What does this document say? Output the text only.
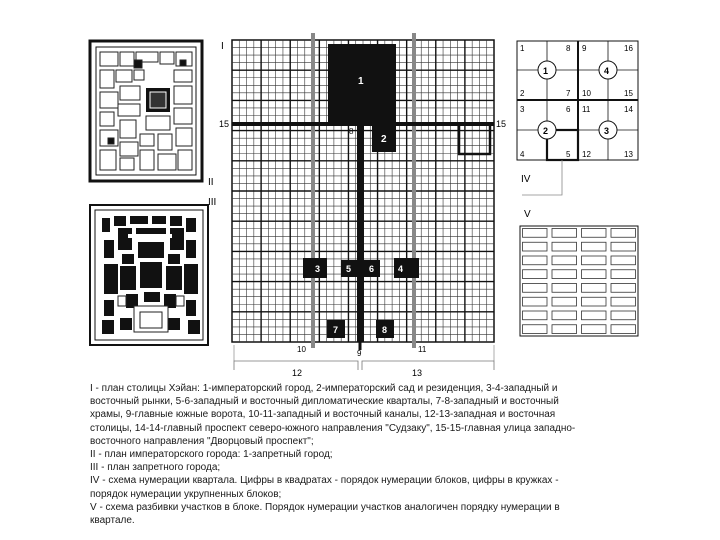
II
III
I
15	15
1
2
8
3	4
5 6
7	8
9
10	11
12	13
1	4
2	3
1	8
2	7
9	16
10	15
3	6
4	5
11	14
12	13
IV
V
I - план столицы Хэйан: 1-императорский город, 2-императорский сад и резиденция, 3-4-западный и
восточный рынки, 5-6-западный и восточный дипломатические кварталы, 7-8-западный и восточный
храмы, 9-главные южные ворота, 10-11-западный и восточный каналы, 12-13-западная и восточная
столицы, 14-14-главный проспект северо-южного направления "Судзаку", 15-15-главная улица западно-
восточного направления "Дворцовый проспект";
II - план императорского города: 1-запретный город;
III - план запретного города;
IV - схема нумерации квартала. Цифры в квадратах - порядок нумерации блоков, цифры в кружках -
порядок нумерации укрупненных блоков;
V - схема разбивки участков в блоке. Порядок нумерации участков аналогичен порядку нумерации в
квартале.
